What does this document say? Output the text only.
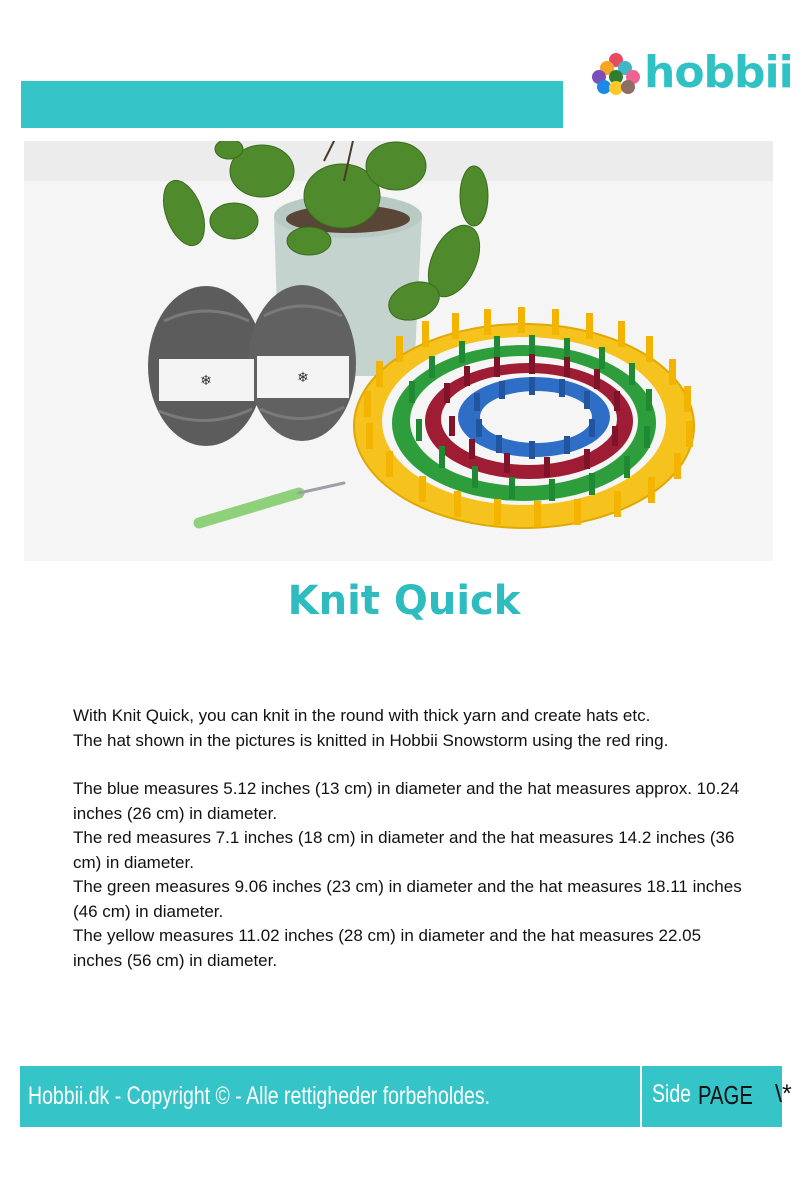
hobbii
❄	❄
Knit Quick

With Knit Quick, you can knit in the round with thick yarn and create hats etc.

The hat shown in the pictures is knitted in Hobbii Snowstorm using the red ring.

The blue measures 5.12 inches (13 cm) in diameter and the hat measures approx. 10.24 inches (26 cm) in diameter.

The red measures 7.1 inches (18 cm) in diameter and the hat measures 14.2 inches (36 cm) in diameter.

The green measures 9.06 inches (23 cm) in diameter and the hat measures 18.11 inches (46 cm) in diameter.

The yellow measures 11.02 inches (28 cm) in diameter and the hat measures 22.05 inches (56 cm) in diameter.

Hobbii.dk - Copyright © - Alle rettigheder forbeholdes.	Side PAGE \*
